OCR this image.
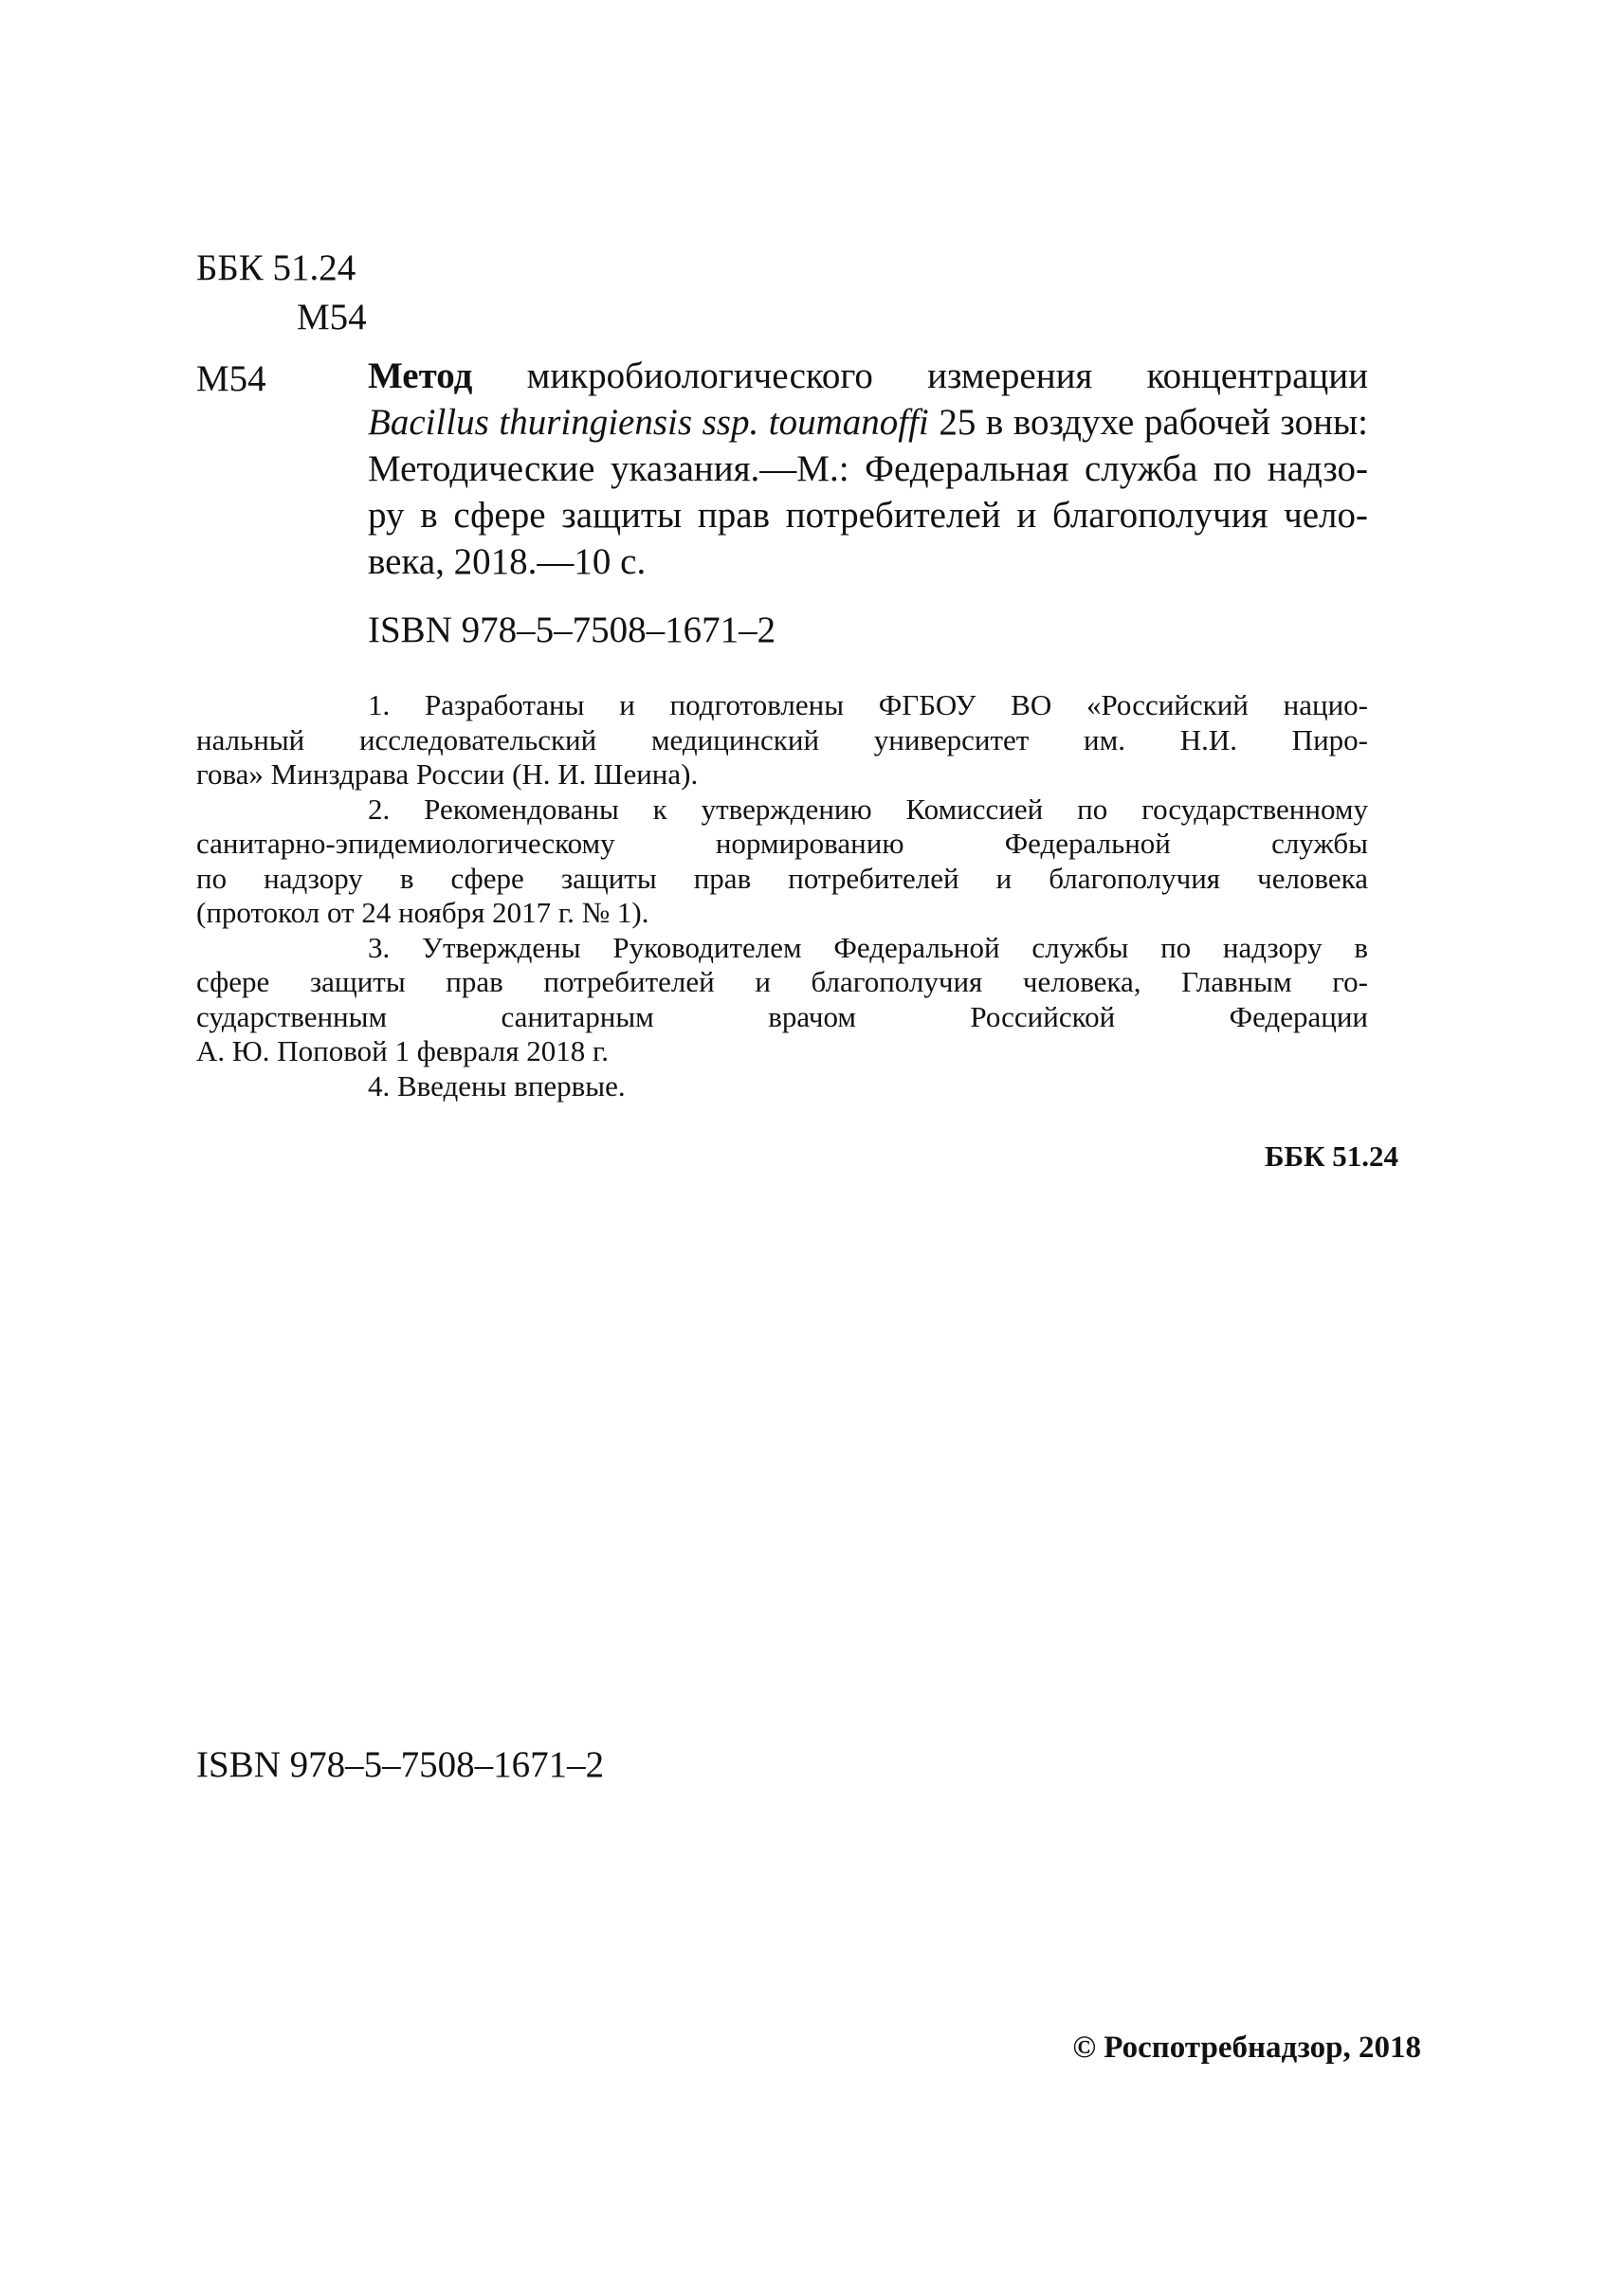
ББК 51.24
М54
М54	Метод микробиологического измерения концентрации
Bacillus thuringiensis ssp. toumanoffi 25 в воздухе рабочей зоны:
Методические указания.—М.: Федеральная служба по надзо-
ру в сфере защиты прав потребителей и благополучия чело-
века, 2018.—10 с.
ISBN 978–5–7508–1671–2
1. Разработаны и подготовлены ФГБОУ ВО «Российский нацио-
нальный исследовательский медицинский университет им. Н.И. Пиро-
гова» Минздрава России (Н. И. Шеина).
2. Рекомендованы к утверждению Комиссией по государственному
санитарно-эпидемиологическому нормированию Федеральной службы
по надзору в сфере защиты прав потребителей и благополучия человека
(протокол от 24 ноября 2017 г. № 1).
3. Утверждены Руководителем Федеральной службы по надзору в
сфере защиты прав потребителей и благополучия человека, Главным го-
сударственным санитарным врачом Российской Федерации
А. Ю. Поповой 1 февраля 2018 г.
4. Введены впервые.
ББК 51.24
ISBN 978–5–7508–1671–2
© Роспотребнадзор, 2018
